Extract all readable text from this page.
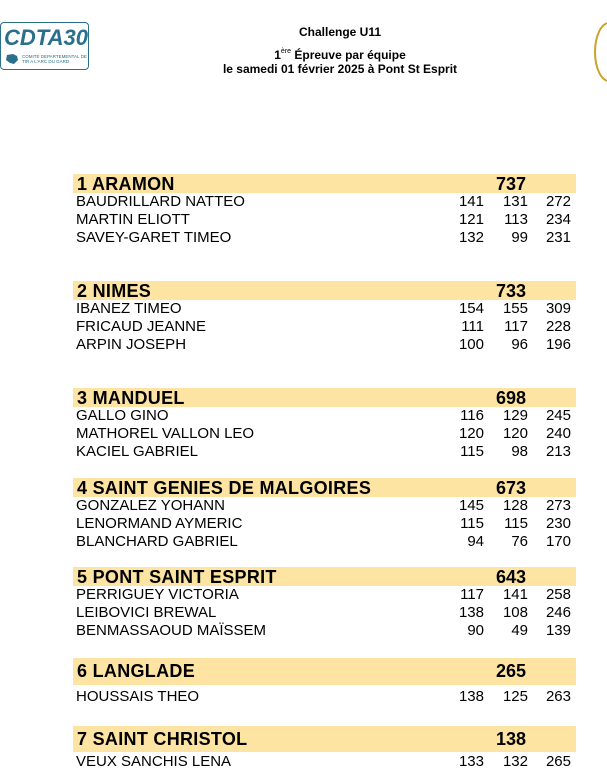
CDTA30
COMITE DEPARTEMENTAL DE TIR A L'ARC DU GARD
Challenge U11
1ère Épreuve par équipe
le samedi 01 février 2025 à Pont St Esprit
1 ARAMON	737
BAUDRILLARD NATTEO	141	131	272
MARTIN ELIOTT	121	113	234
SAVEY-GARET TIMEO	132	99	231
2 NIMES	733
IBANEZ TIMEO	154	155	309
FRICAUD JEANNE	111	117	228
ARPIN JOSEPH	100	96	196
3 MANDUEL	698
GALLO GINO	116	129	245
MATHOREL VALLON LEO	120	120	240
KACIEL GABRIEL	115	98	213
4 SAINT GENIES DE MALGOIRES	673
GONZALEZ YOHANN	145	128	273
LENORMAND AYMERIC	115	115	230
BLANCHARD GABRIEL	94	76	170
5 PONT SAINT ESPRIT	643
PERRIGUEY VICTORIA	117	141	258
LEIBOVICI BREWAL	138	108	246
BENMASSAOUD MAÏSSEM	90	49	139
6 LANGLADE	265
HOUSSAIS THEO	138	125	263
7 SAINT CHRISTOL	138
VEUX SANCHIS LENA	133	132	265
